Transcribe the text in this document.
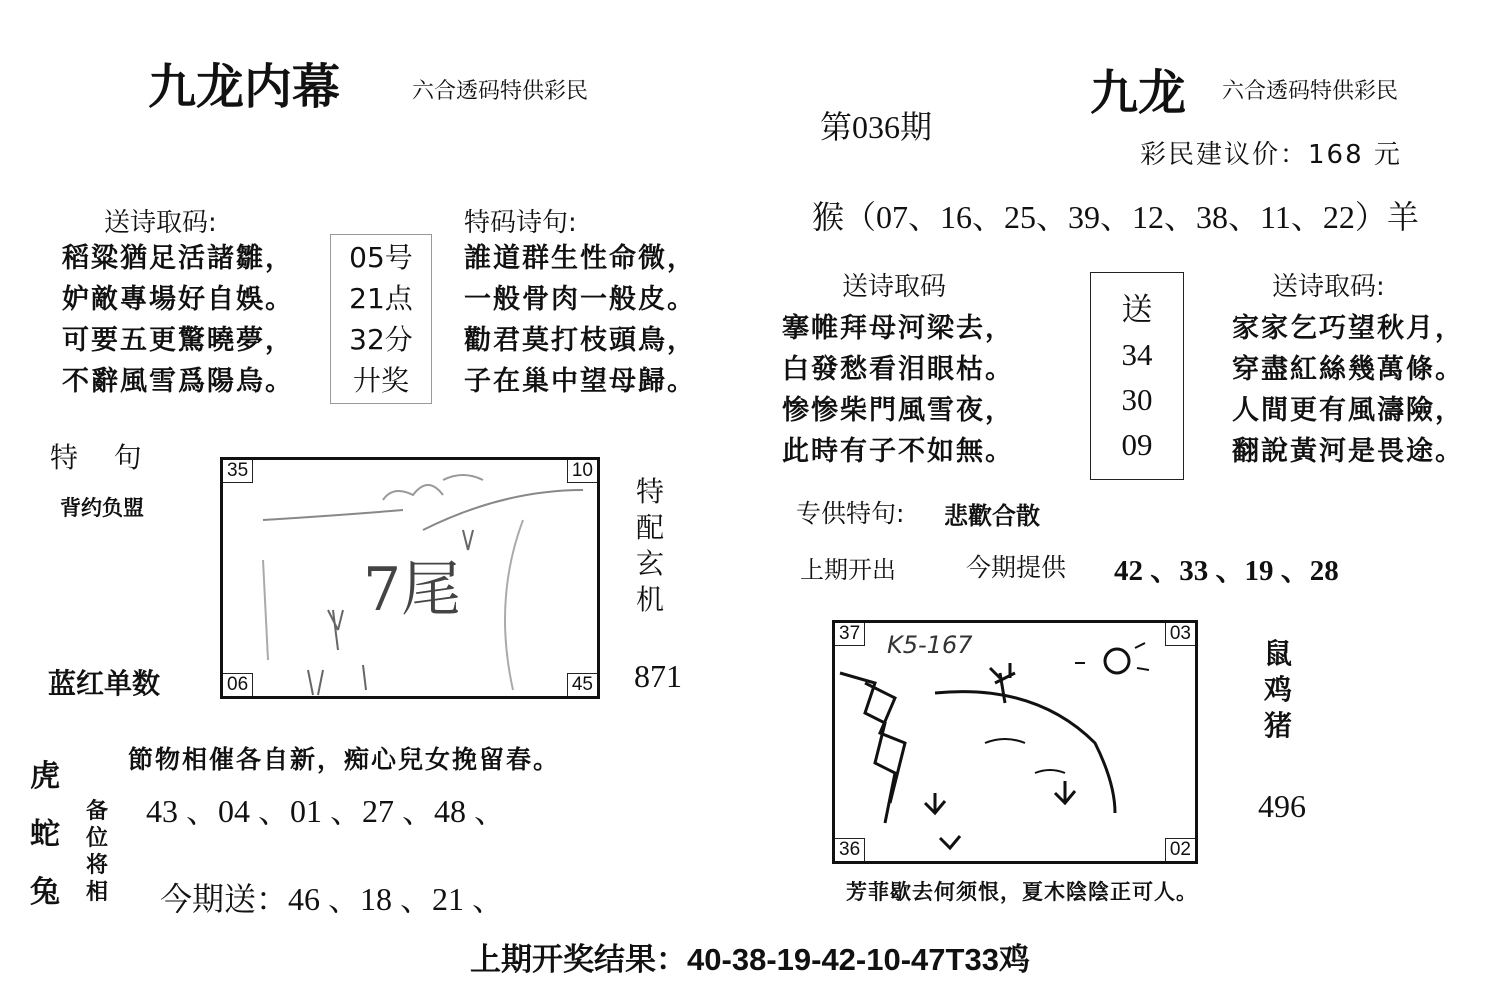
九龙内幕	六合透码特供彩民	九龙 六合透码特供彩民
第036期
彩民建议价：168 元
送诗取码:
稻粱猶足活諸雛，
妒敵專場好自娛。
可要五更驚曉夢，
不辭風雪爲陽烏。
05号
21点
32分
廾奖
特码诗句:
誰道群生性命微，
一般骨肉一般皮。
勸君莫打枝頭鳥，
子在巢中望母歸。
特    句
背约负盟
7尾
35	10
06	45
蓝红单数
特
配
玄
机
871
虎
蛇
兔
節物相催各自新，痴心兒女挽留春。
备
位
将
相
43 、04 、01 、27 、48 、
今期送：46 、18 、21 、
猴（07、16、25、39、12、38、11、22）羊
送诗取码
搴帷拜母河梁去，
白發愁看泪眼枯。
惨惨柴門風雪夜，
此時有子不如無。
送
34
30
09
送诗取码:
家家乞巧望秋月，
穿盡紅絲幾萬條。
人間更有風濤險，
翻說黃河是畏途。
专供特句: 悲歡合散
上期开出	今期提供 42 、33 、19 、28
K5-167
37	03
36	02
芳菲歇去何须恨，夏木陰陰正可人。
鼠
鸡
猪
496
上期开奖结果：40-38-19-42-10-47T33鸡
